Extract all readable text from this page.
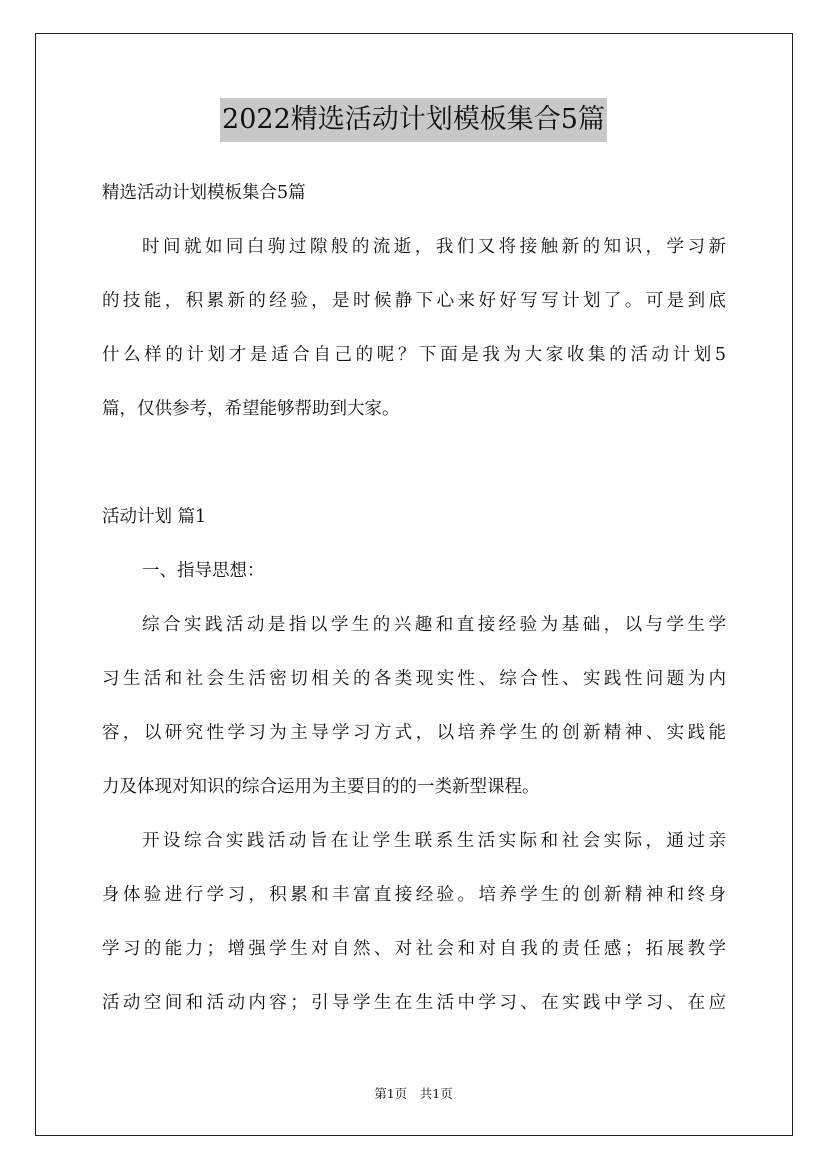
2022精选活动计划模板集合5篇
精选活动计划模板集合5篇
时间就如同白驹过隙般的流逝，我们又将接触新的知识，学习新
的技能，积累新的经验，是时候静下心来好好写写计划了。可是到底
什么样的计划才是适合自己的呢？下面是我为大家收集的活动计划5
篇，仅供参考，希望能够帮助到大家。
活动计划 篇1
一、指导思想：
综合实践活动是指以学生的兴趣和直接经验为基础，以与学生学
习生活和社会生活密切相关的各类现实性、综合性、实践性问题为内
容，以研究性学习为主导学习方式，以培养学生的创新精神、实践能
力及体现对知识的综合运用为主要目的的一类新型课程。
开设综合实践活动旨在让学生联系生活实际和社会实际，通过亲
身体验进行学习，积累和丰富直接经验。培养学生的创新精神和终身
学习的能力；增强学生对自然、对社会和对自我的责任感；拓展教学
活动空间和活动内容；引导学生在生活中学习、在实践中学习、在应
第1页　共1页
